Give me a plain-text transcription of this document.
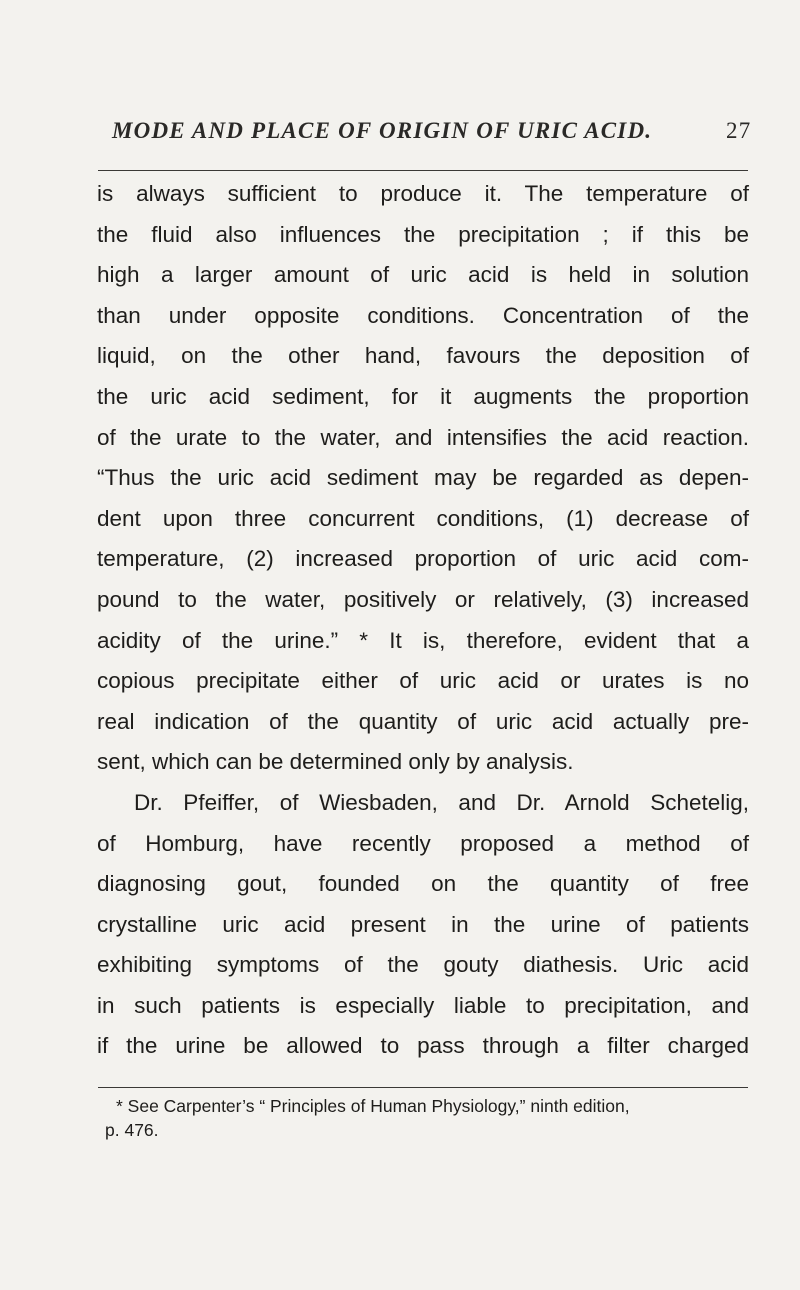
MODE AND PLACE OF ORIGIN OF URIC ACID.	27
is always sufficient to produce it. The temperature of
the fluid also influences the precipitation ; if this be
high a larger amount of uric acid is held in solution
than under opposite conditions. Concentration of the
liquid, on the other hand, favours the deposition of
the uric acid sediment, for it augments the proportion
of the urate to the water, and intensifies the acid reaction.
“Thus the uric acid sediment may be regarded as depen-
dent upon three concurrent conditions, (1) decrease of
temperature, (2) increased proportion of uric acid com-
pound to the water, positively or relatively, (3) increased
acidity of the urine.” * It is, therefore, evident that a
copious precipitate either of uric acid or urates is no
real indication of the quantity of uric acid actually pre-
sent, which can be determined only by analysis.
Dr. Pfeiffer, of Wiesbaden, and Dr. Arnold Schetelig,
of Homburg, have recently proposed a method of
diagnosing gout, founded on the quantity of free
crystalline uric acid present in the urine of patients
exhibiting symptoms of the gouty diathesis. Uric acid
in such patients is especially liable to precipitation, and
if the urine be allowed to pass through a filter charged
* See Carpenter’s “ Principles of Human Physiology,” ninth edition,
p. 476.
